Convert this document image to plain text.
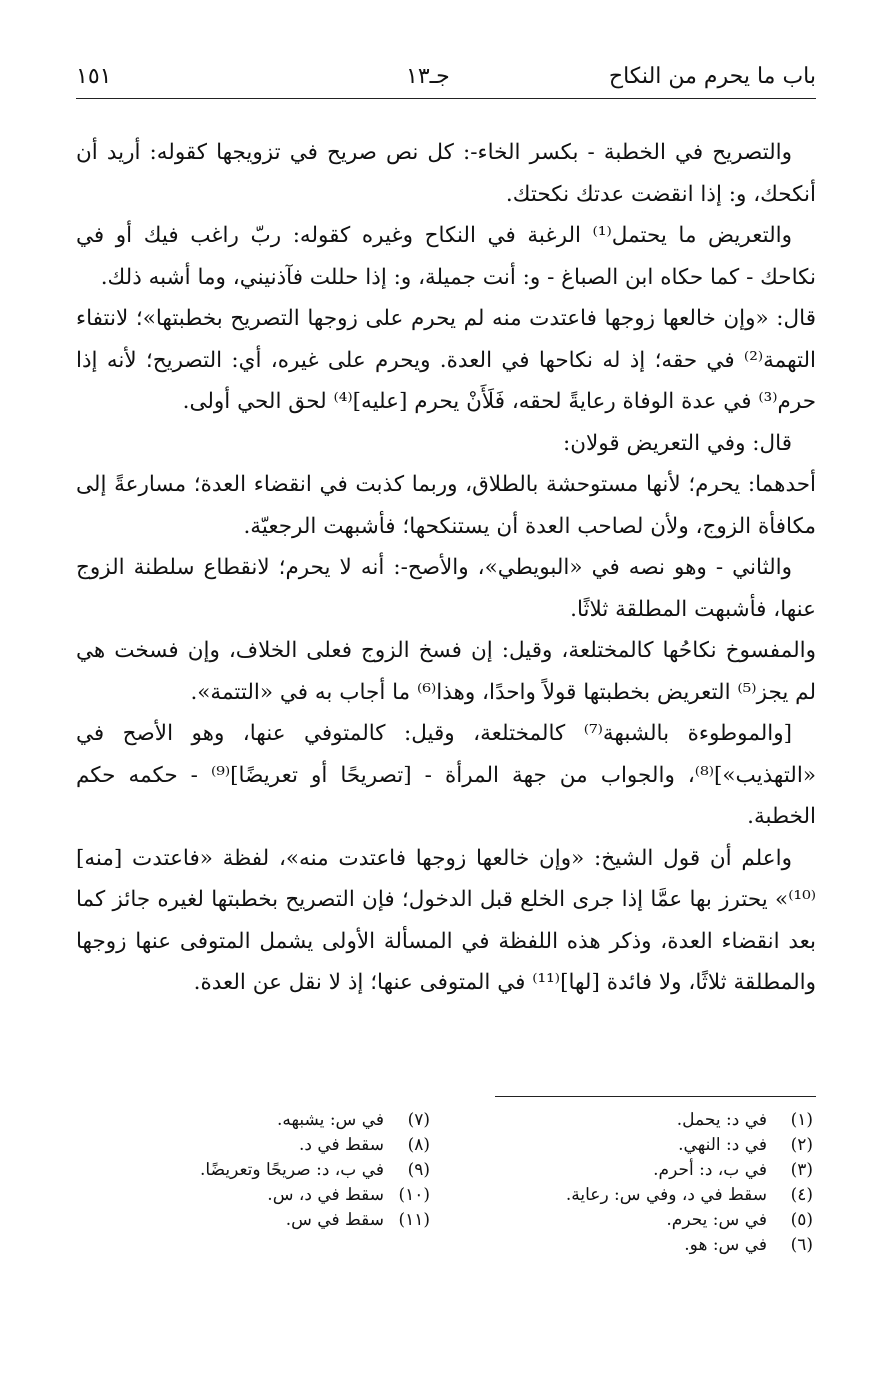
باب ما يحرم من النكاح
جـ١٣
١٥١

والتصريح في الخطبة - بكسر الخاء-: كل نص صريح في تزويجها كقوله: أريد أن أنكحك، و: إذا انقضت عدتك نكحتك.

والتعريض ما يحتمل⁽¹⁾ الرغبة في النكاح وغيره كقوله: ربّ راغب فيك أو في نكاحك - كما حكاه ابن الصباغ - و: أنت جميلة، و: إذا حللت فآذنيني، وما أشبه ذلك.

قال: «وإن خالعها زوجها فاعتدت منه لم يحرم على زوجها التصريح بخطبتها»؛ لانتفاء التهمة⁽²⁾ في حقه؛ إذ له نكاحها في العدة. ويحرم على غيره، أي: التصريح؛ لأنه إذا حرم⁽³⁾ في عدة الوفاة رعايةً لحقه، فَلَأَنْ يحرم [عليه]⁽⁴⁾ لحق الحي أولى.

قال: وفي التعريض قولان:

أحدهما: يحرم؛ لأنها مستوحشة بالطلاق، وربما كذبت في انقضاء العدة؛ مسارعةً إلى مكافأة الزوج، ولأن لصاحب العدة أن يستنكحها؛ فأشبهت الرجعيّة.

والثاني - وهو نصه في «البويطي»، والأصح-: أنه لا يحرم؛ لانقطاع سلطنة الزوج عنها، فأشبهت المطلقة ثلاثًا.

والمفسوخ نكاحُها كالمختلعة، وقيل: إن فسخ الزوج فعلى الخلاف، وإن فسخت هي لم يجز⁽⁵⁾ التعريض بخطبتها قولاً واحدًا، وهذا⁽⁶⁾ ما أجاب به في «التتمة».

[والموطوءة بالشبهة⁽⁷⁾ كالمختلعة، وقيل: كالمتوفي عنها، وهو الأصح في «التهذيب»]⁽⁸⁾، والجواب من جهة المرأة - [تصريحًا أو تعريضًا]⁽⁹⁾ - حكمه حكم الخطبة.

واعلم أن قول الشيخ: «وإن خالعها زوجها فاعتدت منه»، لفظة «فاعتدت [منه]⁽¹⁰⁾» يحترز بها عمَّا إذا جرى الخلع قبل الدخول؛ فإن التصريح بخطبتها لغيره جائز كما بعد انقضاء العدة، وذكر هذه اللفظة في المسألة الأولى يشمل المتوفى عنها زوجها والمطلقة ثلاثًا، ولا فائدة [لها]⁽¹¹⁾ في المتوفى عنها؛ إذ لا نقل عن العدة.

(١)في د: يحمل.
(٢)في د: النهي.
(٣)في ب، د: أحرم.
(٤)سقط في د، وفي س: رعاية.
(٥)في س: يحرم.
(٦)في س: هو.
(٧)في س: يشبهه.
(٨)سقط في د.
(٩)في ب، د: صريحًا وتعريضًا.
(١٠)سقط في د، س.
(١١)سقط في س.
